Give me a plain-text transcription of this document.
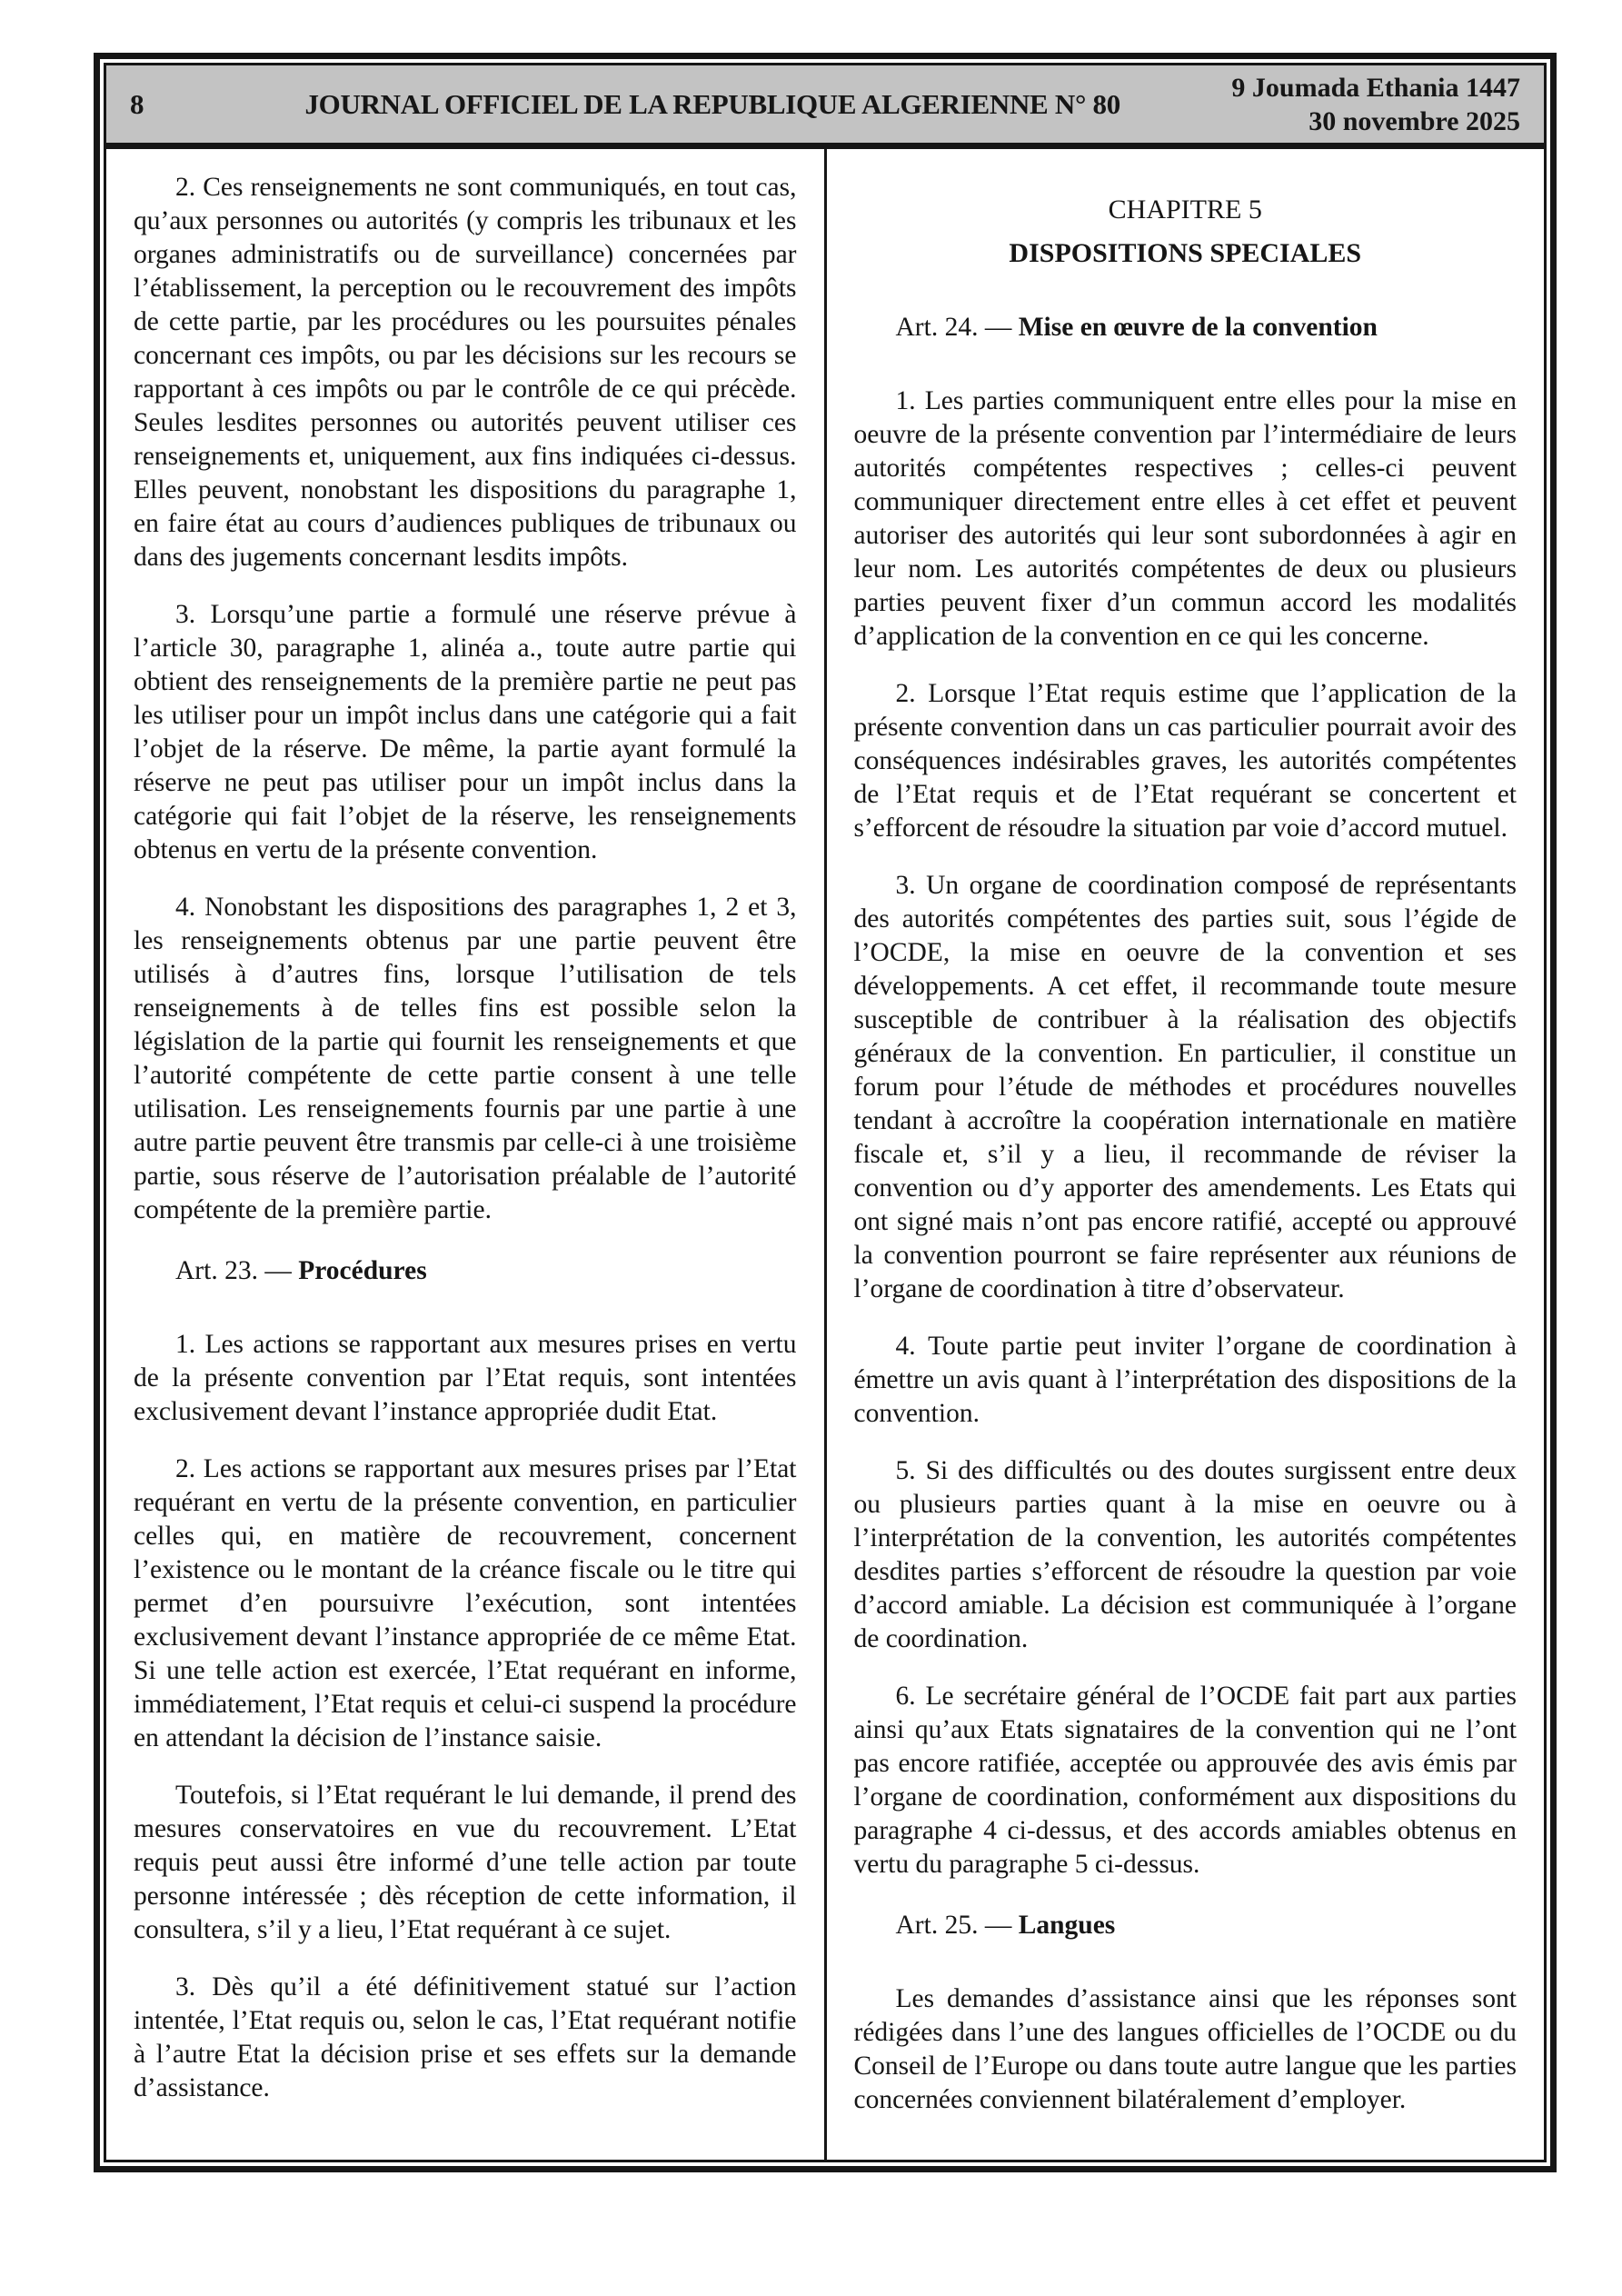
8	JOURNAL OFFICIEL DE LA REPUBLIQUE ALGERIENNE N° 80
9 Joumada Ethania 1447
30 novembre 2025

2. Ces renseignements ne sont communiqués, en tout cas, qu’aux personnes ou autorités (y compris les tribunaux et les organes administratifs ou de surveillance) concernées par l’établissement, la perception ou le recouvrement des impôts de cette partie, par les procédures ou les poursuites pénales concernant ces impôts, ou par les décisions sur les recours se rapportant à ces impôts ou par le contrôle de ce qui précède. Seules lesdites personnes ou autorités peuvent utiliser ces renseignements et, uniquement, aux fins indiquées ci-dessus. Elles peuvent, nonobstant les dispositions du paragraphe 1, en faire état au cours d’audiences publiques de tribunaux ou dans des jugements concernant lesdits impôts.

3. Lorsqu’une partie a formulé une réserve prévue à l’article 30, paragraphe 1, alinéa a., toute autre partie qui obtient des renseignements de la première partie ne peut pas les utiliser pour un impôt inclus dans une catégorie qui a fait l’objet de la réserve. De même, la partie ayant formulé la réserve ne peut pas utiliser pour un impôt inclus dans la catégorie qui fait l’objet de la réserve, les renseignements obtenus en vertu de la présente convention.

4. Nonobstant les dispositions des paragraphes 1, 2 et 3, les renseignements obtenus par une partie peuvent être utilisés à d’autres fins, lorsque l’utilisation de tels renseignements à de telles fins est possible selon la législation de la partie qui fournit les renseignements et que l’autorité compétente de cette partie consent à une telle utilisation. Les renseignements fournis par une partie à une autre partie peuvent être transmis par celle-ci à une troisième partie, sous réserve de l’autorisation préalable de l’autorité compétente de la première partie.

Art. 23. — Procédures

1. Les actions se rapportant aux mesures prises en vertu de la présente convention par l’Etat requis, sont intentées exclusivement devant l’instance appropriée dudit Etat.

2. Les actions se rapportant aux mesures prises par l’Etat requérant en vertu de la présente convention, en particulier celles qui, en matière de recouvrement, concernent l’existence ou le montant de la créance fiscale ou le titre qui permet d’en poursuivre l’exécution, sont intentées exclusivement devant l’instance appropriée de ce même Etat. Si une telle action est exercée, l’Etat requérant en informe, immédiatement, l’Etat requis et celui-ci suspend la procédure en attendant la décision de l’instance saisie.

Toutefois, si l’Etat requérant le lui demande, il prend des mesures conservatoires en vue du recouvrement. L’Etat requis peut aussi être informé d’une telle action par toute personne intéressée ; dès réception de cette information, il consultera, s’il y a lieu, l’Etat requérant à ce sujet.

3. Dès qu’il a été définitivement statué sur l’action intentée, l’Etat requis ou, selon le cas, l’Etat requérant notifie à l’autre Etat la décision prise et ses effets sur la demande d’assistance.

CHAPITRE 5
DISPOSITIONS SPECIALES

Art. 24. — Mise en œuvre de la convention

1. Les parties communiquent entre elles pour la mise en oeuvre de la présente convention par l’intermédiaire de leurs autorités compétentes respectives ; celles-ci peuvent communiquer directement entre elles à cet effet et peuvent autoriser des autorités qui leur sont subordonnées à agir en leur nom. Les autorités compétentes de deux ou plusieurs parties peuvent fixer d’un commun accord les modalités d’application de la convention en ce qui les concerne.

2. Lorsque l’Etat requis estime que l’application de la présente convention dans un cas particulier pourrait avoir des conséquences indésirables graves, les autorités compétentes de l’Etat requis et de l’Etat requérant se concertent et s’efforcent de résoudre la situation par voie d’accord mutuel.

3. Un organe de coordination composé de représentants des autorités compétentes des parties suit, sous l’égide de l’OCDE, la mise en oeuvre de la convention et ses développements. A cet effet, il recommande toute mesure susceptible de contribuer à la réalisation des objectifs généraux de la convention. En particulier, il constitue un forum pour l’étude de méthodes et procédures nouvelles tendant à accroître la coopération internationale en matière fiscale et, s’il y a lieu, il recommande de réviser la convention ou d’y apporter des amendements. Les Etats qui ont signé mais n’ont pas encore ratifié, accepté ou approuvé la convention pourront se faire représenter aux réunions de l’organe de coordination à titre d’observateur.

4. Toute partie peut inviter l’organe de coordination à émettre un avis quant à l’interprétation des dispositions de la convention.

5. Si des difficultés ou des doutes surgissent entre deux ou plusieurs parties quant à la mise en oeuvre ou à l’interprétation de la convention, les autorités compétentes desdites parties s’efforcent de résoudre la question par voie d’accord amiable. La décision est communiquée à l’organe de coordination.

6. Le secrétaire général de l’OCDE fait part aux parties ainsi qu’aux Etats signataires de la convention qui ne l’ont pas encore ratifiée, acceptée ou approuvée des avis émis par l’organe de coordination, conformément aux dispositions du paragraphe 4 ci-dessus, et des accords amiables obtenus en vertu du paragraphe 5 ci-dessus.

Art. 25. — Langues

Les demandes d’assistance ainsi que les réponses sont rédigées dans l’une des langues officielles de l’OCDE ou du Conseil de l’Europe ou dans toute autre langue que les parties concernées conviennent bilatéralement d’employer.
